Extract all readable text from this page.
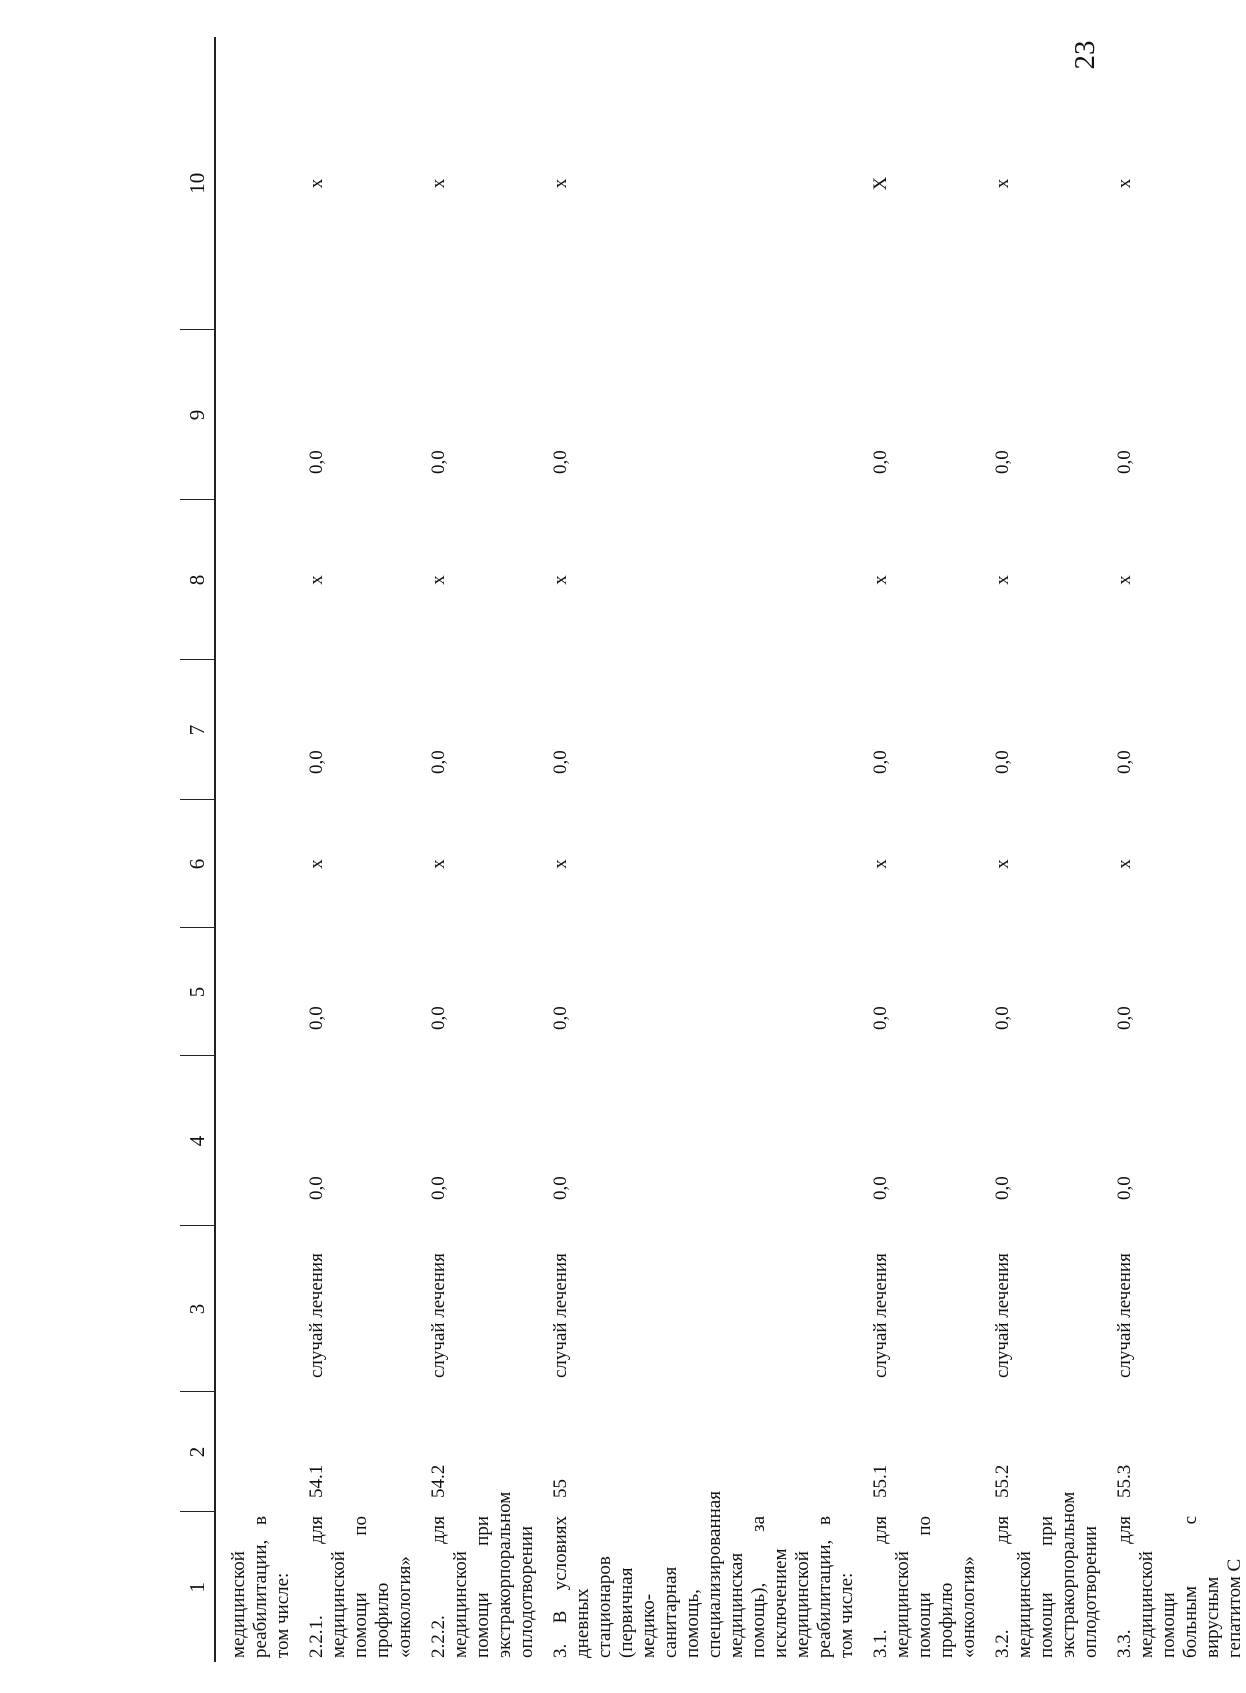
23
1	2	3	4	5	6	7	8	9	10
медицинской реабилитации, в том числе:									
2.2.1. для медицинской помощи по профилю «онкология»	54.1	случай лечения	0,0	0,0	х	0,0	х	0,0	х
2.2.2. для медицинской помощи при экстракорпоральном оплодотворении	54.2	случай лечения	0,0	0,0	х	0,0	х	0,0	х
3. В условиях дневных стационаров (первичная медико-санитарная помощь, специализированная медицинская помощь), за исключением медицинской реабилитации, в том числе:	55	случай лечения	0,0	0,0	х	0,0	х	0,0	х
3.1. для медицинской помощи по профилю «онкология»	55.1	случай лечения	0,0	0,0	х	0,0	х	0,0	Х
3.2. для медицинской помощи при экстракорпоральном оплодотворении	55.2	случай лечения	0,0	0,0	х	0,0	х	0,0	х
3.3. для медицинской помощи больным с вирусным гепатитом С	55.3	случай лечения	0,0	0,0	х	0,0	х	0,0	х
